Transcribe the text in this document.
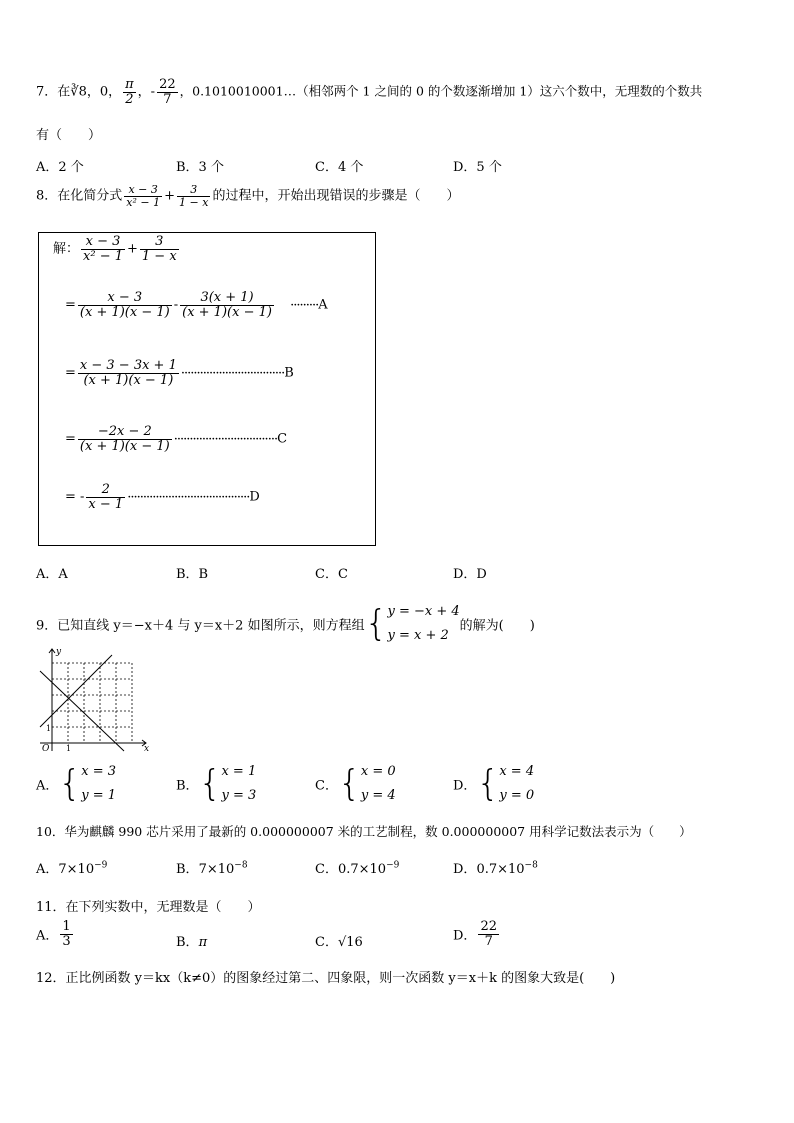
7．在∛8，0， $\frac{\pi}{2}$ ，- $\frac{22}{7}$ ，0.1010010001…（相邻两个 1 之间的 0 的个数逐渐增加 1）这六个数中，无理数的个数共
有（　　）
A．2 个	B．3 个	C．4 个	D．5 个
8．在化简分式 $\frac{x - 3}{\text{x² − 1}} + \frac{3}{1 - x}$ 的过程中，开始出现错误的步骤是（　　）
解： $\frac{x - 3}{\text{x² − 1}} + \frac{3}{1 - x}$
= $\frac{x - 3}{(x + 1)(x - 1)} - \frac{3(x + 1)}{(x + 1)(x - 1)} \cdot\cdot\cdot\cdot\cdot\cdot\cdot\cdot\cdot A$
= $\frac{x - 3 - 3x + 1}{(x + 1)(x - 1)} \cdot\cdot\cdot\cdot\cdot\cdot\cdot\cdot\cdot\cdot\cdot\cdot\cdot\cdot\cdot\cdot\cdot\cdot\cdot\cdot\cdot\cdot\cdot\cdot\cdot\cdot\cdot\cdot\cdot\cdot\cdot\cdot\cdot B$
= $\frac{-2x - 2}{(x + 1)(x - 1)} \cdot\cdot\cdot\cdot\cdot\cdot\cdot\cdot\cdot\cdot\cdot\cdot\cdot\cdot\cdot\cdot\cdot\cdot\cdot\cdot\cdot\cdot\cdot\cdot\cdot\cdot\cdot\cdot\cdot\cdot\cdot\cdot\cdot C$
= - $\frac{2}{x - 1} \cdot\cdot\cdot\cdot\cdot\cdot\cdot\cdot\cdot\cdot\cdot\cdot\cdot\cdot\cdot\cdot\cdot\cdot\cdot\cdot\cdot\cdot\cdot\cdot\cdot\cdot\cdot\cdot\cdot\cdot\cdot\cdot\cdot\cdot\cdot\cdot\cdot\cdot\cdot D$
A．A	B．B	C．C	D．D
9．已知直线 y＝−x＋4 与 y＝x＋2 如图所示，则方程组{ y = −x + 4
y = x + 2
的解为(　　)
y
x
O 1
1
A．{ x = 3
y = 1
B．{ x = 1
y = 3
C．{ x = 0
y = 4
D．{ x = 4
y = 0
10．华为麒麟 990 芯片采用了最新的 0.000000007 米的工艺制程，数 0.000000007 用科学记数法表示为（　　）
A．$7\times 10^{-9}$	B．$7\times 10^{-8}$	C．$0.7\times 10^{-9}$	D．$0.7\times 10^{-8}$
11．在下列实数中，无理数是（　　）
A． $\frac{1}{3}$	B．π	C．√16	D． $\frac{22}{7}$
12．正比例函数 y＝kx（k≠0）的图象经过第二、四象限，则一次函数 y＝x＋k 的图象大致是(　　)
